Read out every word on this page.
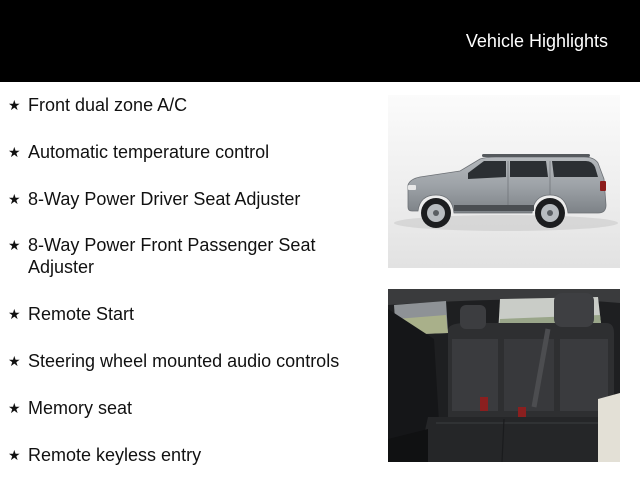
Vehicle Highlights
★ Front dual zone A/C
★ Automatic temperature control
★ 8-Way Power Driver Seat Adjuster
★ 8-Way Power Front Passenger Seat Adjuster
★ Remote Start
★ Steering wheel mounted audio controls
★ Memory seat
★ Remote keyless entry
